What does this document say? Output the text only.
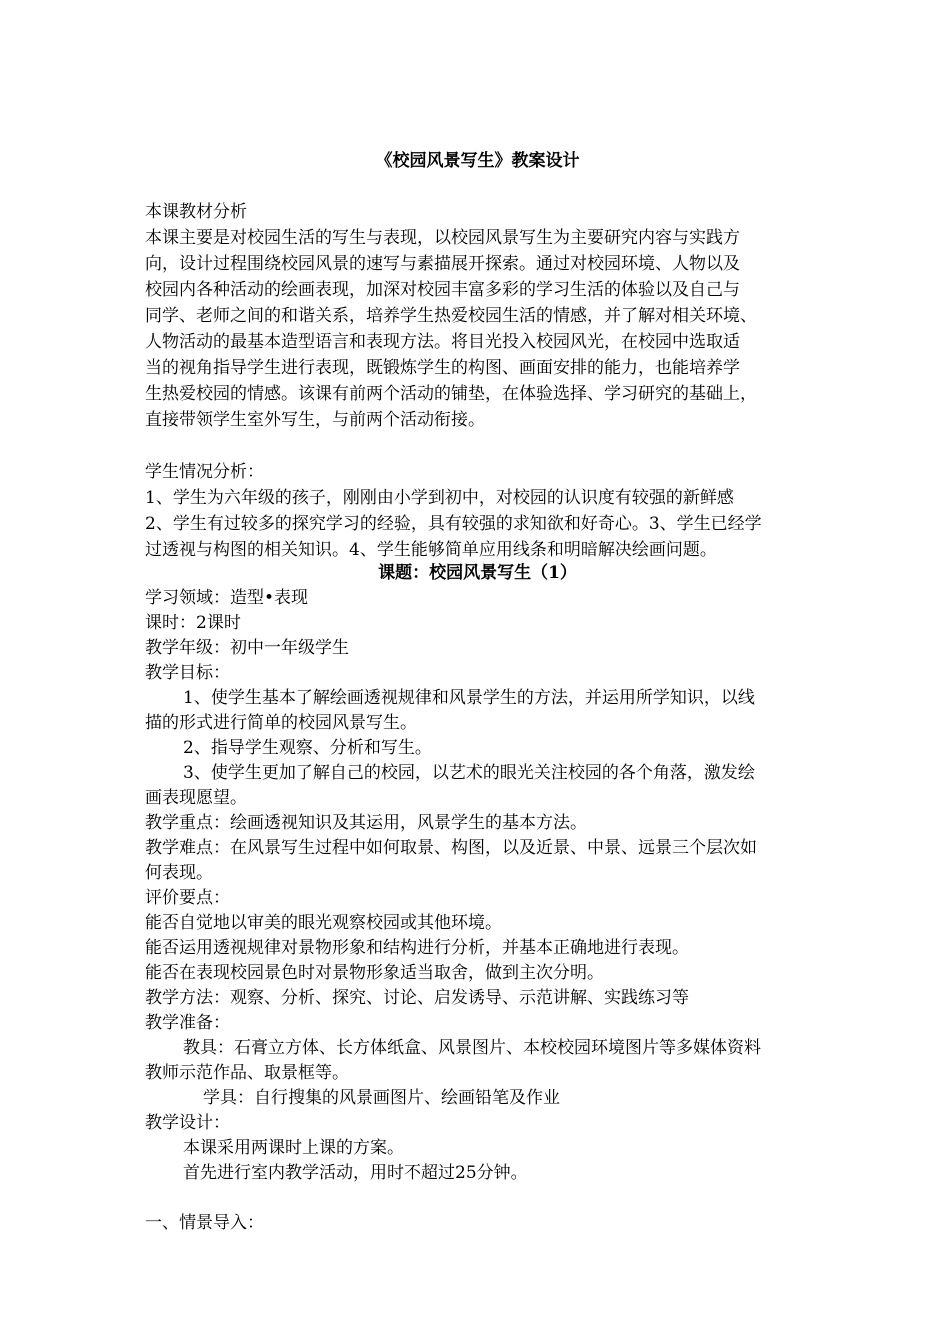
《校园风景写生》教案设计
本课教材分析
本课主要是对校园生活的写生与表现，以校园风景写生为主要研究内容与实践方
向，设计过程围绕校园风景的速写与素描展开探索。通过对校园环境、人物以及
校园内各种活动的绘画表现，加深对校园丰富多彩的学习生活的体验以及自己与
同学、老师之间的和谐关系，培养学生热爱校园生活的情感，并了解对相关环境、
人物活动的最基本造型语言和表现方法。将目光投入校园风光，在校园中选取适
当的视角指导学生进行表现，既锻炼学生的构图、画面安排的能力，也能培养学
生热爱校园的情感。该课有前两个活动的铺垫，在体验选择、学习研究的基础上，
直接带领学生室外写生，与前两个活动衔接。
学生情况分析：
1、学生为六年级的孩子，刚刚由小学到初中，对校园的认识度有较强的新鲜感
2、学生有过较多的探究学习的经验，具有较强的求知欲和好奇心。3、学生已经学
过透视与构图的相关知识。4、学生能够简单应用线条和明暗解决绘画问题。
课题：校园风景写生（1）
学习领域：造型•表现
课时：2课时
教学年级：初中一年级学生
教学目标：
1、使学生基本了解绘画透视规律和风景学生的方法，并运用所学知识，以线
描的形式进行简单的校园风景写生。
2、指导学生观察、分析和写生。
3、使学生更加了解自己的校园，以艺术的眼光关注校园的各个角落，激发绘
画表现愿望。
教学重点：绘画透视知识及其运用，风景学生的基本方法。
教学难点：在风景写生过程中如何取景、构图，以及近景、中景、远景三个层次如
何表现。
评价要点：
能否自觉地以审美的眼光观察校园或其他环境。
能否运用透视规律对景物形象和结构进行分析，并基本正确地进行表现。
能否在表现校园景色时对景物形象适当取舍，做到主次分明。
教学方法：观察、分析、探究、讨论、启发诱导、示范讲解、实践练习等
教学准备：
教具：石膏立方体、长方体纸盒、风景图片、本校校园环境图片等多媒体资料
教师示范作品、取景框等。
学具：自行搜集的风景画图片、绘画铅笔及作业
教学设计：
本课采用两课时上课的方案。
首先进行室内教学活动，用时不超过25分钟。
一、情景导入：
